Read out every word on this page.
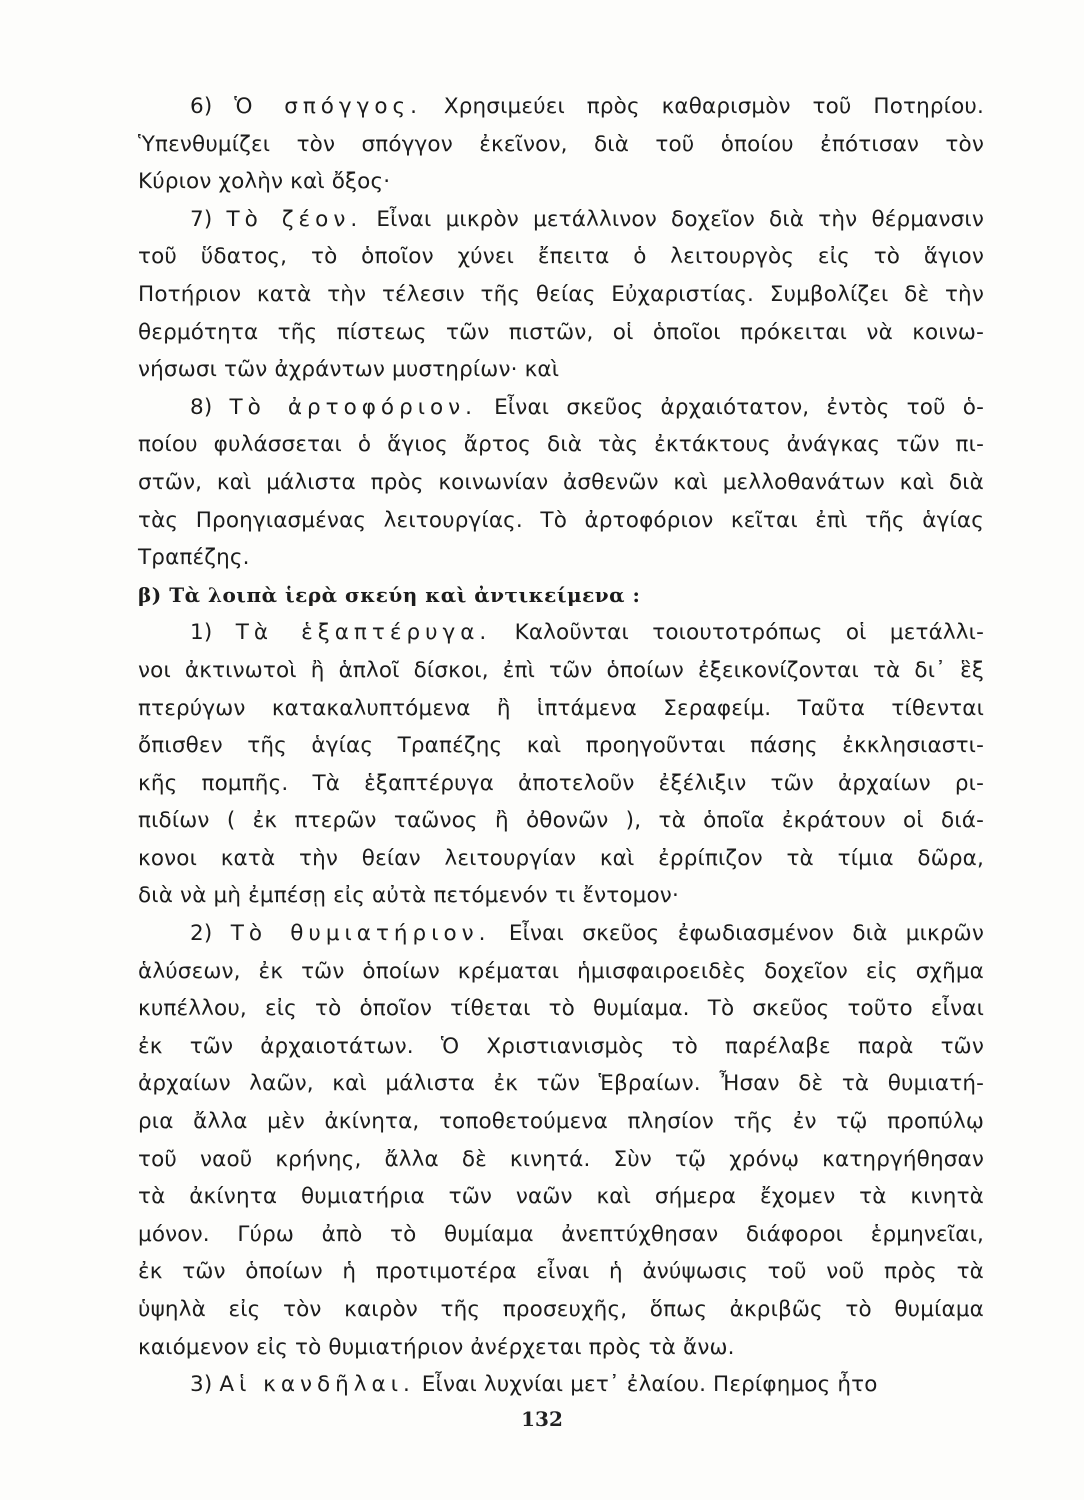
6) Ὁ σπόγγος. Χρησιμεύει πρὸς καθαρισμὸν τοῦ Ποτηρίου.
Ὑπενθυμίζει τὸν σπόγγον ἐκεῖνον, διὰ τοῦ ὁποίου ἐπότισαν τὸν
Κύριον χολὴν καὶ ὄξος·
7) Τὸ ζέον. Εἶναι μικρὸν μετάλλινον δοχεῖον διὰ τὴν θέρμανσιν
τοῦ ὕδατος, τὸ ὁποῖον χύνει ἔπειτα ὁ λειτουργὸς εἰς τὸ ἅγιον
Ποτήριον κατὰ τὴν τέλεσιν τῆς θείας Εὐχαριστίας. Συμβολίζει δὲ τὴν
θερμότητα τῆς πίστεως τῶν πιστῶν, οἱ ὁποῖοι πρόκειται νὰ κοινω-
νήσωσι τῶν ἀχράντων μυστηρίων· καὶ
8) Τὸ ἀρτοφόριον. Εἶναι σκεῦος ἀρχαιότατον, ἐντὸς τοῦ ὁ-
ποίου φυλάσσεται ὁ ἅγιος ἄρτος διὰ τὰς ἐκτάκτους ἀνάγκας τῶν πι-
στῶν, καὶ μάλιστα πρὸς κοινωνίαν ἀσθενῶν καὶ μελλοθανάτων καὶ διὰ
τὰς Προηγιασμένας λειτουργίας. Τὸ ἀρτοφόριον κεῖται ἐπὶ τῆς ἁγίας
Τραπέζης.
β) Τὰ λοιπὰ ἱερὰ σκεύη καὶ ἀντικείμενα :
1) Τὰ ἑξαπτέρυγα. Καλοῦνται τοιουτοτρόπως οἱ μετάλλι-
νοι ἀκτινωτοὶ ἢ ἁπλοῖ δίσκοι, ἐπὶ τῶν ὁποίων ἐξεικονίζονται τὰ δι᾿ ἓξ
πτερύγων κατακαλυπτόμενα ἢ ἱπτάμενα Σεραφείμ. Ταῦτα τίθενται
ὄπισθεν τῆς ἁγίας Τραπέζης καὶ προηγοῦνται πάσης ἐκκλησιαστι-
κῆς πομπῆς. Τὰ ἑξαπτέρυγα ἀποτελοῦν ἐξέλιξιν τῶν ἀρχαίων ρι-
πιδίων ( ἐκ πτερῶν ταῶνος ἢ ὀθονῶν ), τὰ ὁποῖα ἐκράτουν οἱ διά-
κονοι κατὰ τὴν θείαν λειτουργίαν καὶ ἐρρίπιζον τὰ τίμια δῶρα,
διὰ νὰ μὴ ἐμπέσῃ εἰς αὐτὰ πετόμενόν τι ἔντομον·
2) Τὸ θυμιατήριον. Εἶναι σκεῦος ἐφωδιασμένον διὰ μικρῶν
ἁλύσεων, ἐκ τῶν ὁποίων κρέμαται ἡμισφαιροειδὲς δοχεῖον εἰς σχῆμα
κυπέλλου, εἰς τὸ ὁποῖον τίθεται τὸ θυμίαμα. Τὸ σκεῦος τοῦτο εἶναι
ἐκ τῶν ἀρχαιοτάτων. Ὁ Χριστιανισμὸς τὸ παρέλαβε παρὰ τῶν
ἀρχαίων λαῶν, καὶ μάλιστα ἐκ τῶν Ἑβραίων. Ἦσαν δὲ τὰ θυμιατή-
ρια ἄλλα μὲν ἀκίνητα, τοποθετούμενα πλησίον τῆς ἐν τῷ προπύλῳ
τοῦ ναοῦ κρήνης, ἄλλα δὲ κινητά. Σὺν τῷ χρόνῳ κατηργήθησαν
τὰ ἀκίνητα θυμιατήρια τῶν ναῶν καὶ σήμερα ἔχομεν τὰ κινητὰ
μόνον. Γύρω ἀπὸ τὸ θυμίαμα ἀνεπτύχθησαν διάφοροι ἑρμηνεῖαι,
ἐκ τῶν ὁποίων ἡ προτιμοτέρα εἶναι ἡ ἀνύψωσις τοῦ νοῦ πρὸς τὰ
ὑψηλὰ εἰς τὸν καιρὸν τῆς προσευχῆς, ὅπως ἀκριβῶς τὸ θυμίαμα
καιόμενον εἰς τὸ θυμιατήριον ἀνέρχεται πρὸς τὰ ἄνω.
3) Αἱ κανδῆλαι. Εἶναι λυχνίαι μετ᾿ ἐλαίου. Περίφημος ἦτο
132
